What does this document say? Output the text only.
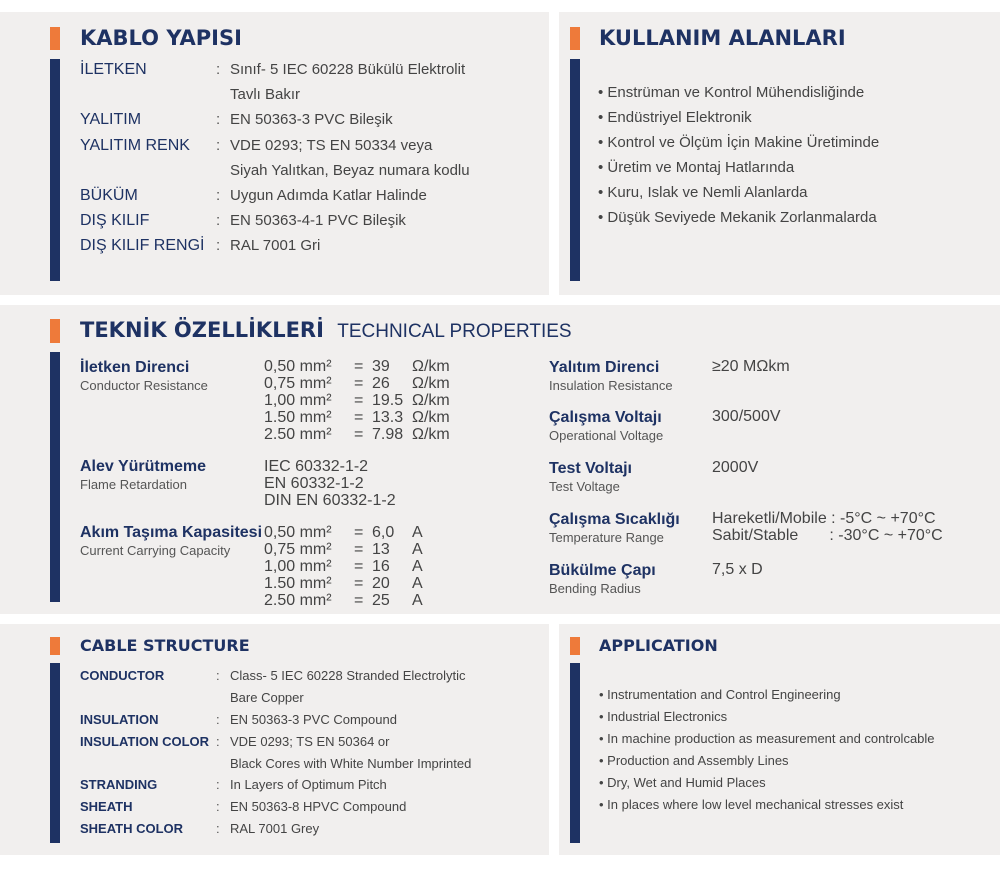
KABLO YAPISI
İLETKEN	: Sınıf- 5 IEC 60228 Bükülü Elektrolit
Tavlı Bakır
YALITIM	: EN 50363-3 PVC Bileşik
YALITIM RENK : VDE 0293; TS EN 50334 veya
Siyah Yalıtkan, Beyaz numara kodlu
BÜKÜM	: Uygun Adımda Katlar Halinde
DIŞ KILIF	: EN 50363-4-1 PVC Bileşik
DIŞ KILIF RENGİ : RAL 7001 Gri
KULLANIM ALANLARI
• Enstrüman ve Kontrol Mühendisliğinde
• Endüstriyel Elektronik
• Kontrol ve Ölçüm İçin Makine Üretiminde
• Üretim ve Montaj Hatlarında
• Kuru, Islak ve Nemli Alanlarda
• Düşük Seviyede Mekanik Zorlanmalarda
TEKNİK ÖZELLİKLERİ TECHNICAL PROPERTIES
İletken Direnci
Conductor Resistance
0,50 mm² = 39 Ω/km
0,75 mm² = 26 Ω/km
1,00 mm² = 19.5 Ω/km
1.50 mm² = 13.3 Ω/km
2.50 mm² = 7.98 Ω/km
Alev Yürütmeme
Flame Retardation
IEC 60332-1-2
EN 60332-1-2
DIN EN 60332-1-2
Akım Taşıma Kapasitesi
Current Carrying Capacity
0,50 mm² = 6,0 A
0,75 mm² = 13 A
1,00 mm² = 16 A
1.50 mm² = 20 A
2.50 mm² = 25 A
Yalıtım Direnci
Insulation Resistance
≥20 MΩkm
Çalışma Voltajı
Operational Voltage
300/500V
Test Voltajı
Test Voltage
2000V
Çalışma Sıcaklığı
Temperature Range
Hareketli/Mobile : -5°C ~ +70°C
Sabit/Stable       : -30°C ~ +70°C
Bükülme Çapı
Bending Radius
7,5 x D
CABLE STRUCTURE
CONDUCTOR	: Class- 5 IEC 60228 Stranded Electrolytic
Bare Copper
INSULATION	: EN 50363-3 PVC Compound
INSULATION COLOR : VDE 0293; TS EN 50364 or
Black Cores with White Number Imprinted
STRANDING	: In Layers of Optimum Pitch
SHEATH	: EN 50363-8 HPVC Compound
SHEATH COLOR	: RAL 7001 Grey
APPLICATION
• Instrumentation and Control Engineering
• Industrial Electronics
• In machine production as measurement and controlcable
• Production and Assembly Lines
• Dry, Wet and Humid Places
• In places where low level mechanical stresses exist
